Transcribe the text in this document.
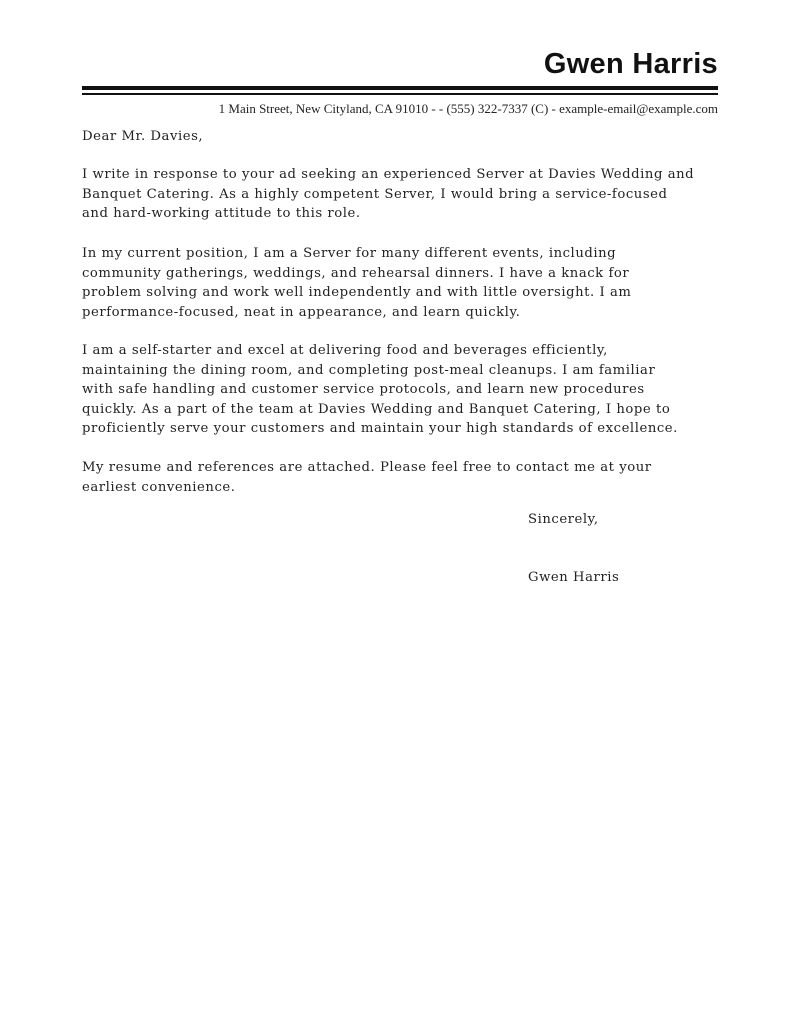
Gwen Harris
1 Main Street, New Cityland, CA 91010 - - (555) 322-7337 (C) - example-email@example.com
Dear Mr. Davies,
I write in response to your ad seeking an experienced Server at Davies Wedding and
Banquet Catering. As a highly competent Server, I would bring a service-focused
and hard-working attitude to this role.
In my current position, I am a Server for many different events, including
community gatherings, weddings, and rehearsal dinners. I have a knack for
problem solving and work well independently and with little oversight. I am
performance-focused, neat in appearance, and learn quickly.
I am a self-starter and excel at delivering food and beverages efficiently,
maintaining the dining room, and completing post-meal cleanups. I am familiar
with safe handling and customer service protocols, and learn new procedures
quickly. As a part of the team at Davies Wedding and Banquet Catering, I hope to
proficiently serve your customers and maintain your high standards of excellence.
My resume and references are attached. Please feel free to contact me at your
earliest convenience.
Sincerely,
Gwen Harris
